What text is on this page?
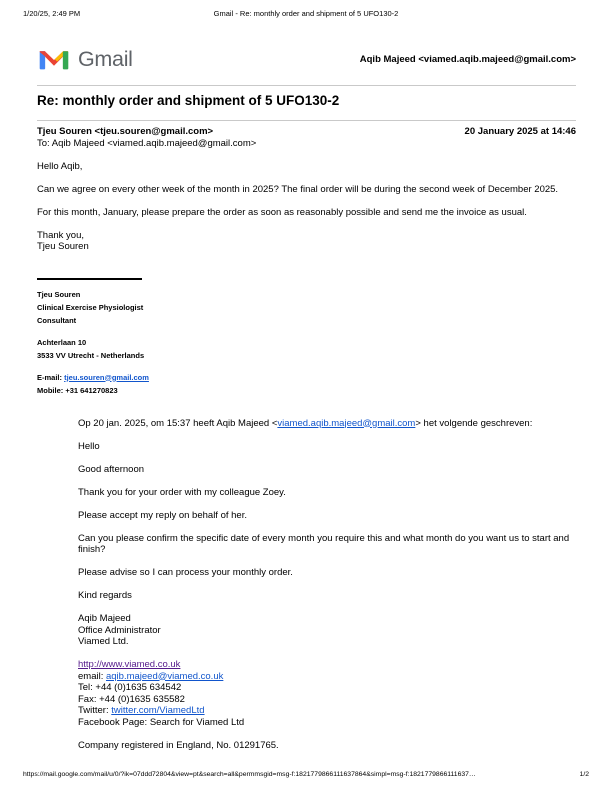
1/20/25, 2:49 PM	Gmail - Re: monthly order and shipment of 5 UFO130-2
Gmail	Aqib Majeed <viamed.aqib.majeed@gmail.com>
Re: monthly order and shipment of 5 UFO130-2
Tjeu Souren <tjeu.souren@gmail.com>	20 January 2025 at 14:46
To: Aqib Majeed <viamed.aqib.majeed@gmail.com>

Hello Aqib,

Can we agree on every other week of the month in 2025? The final order will be during the second week of December 2025.

For this month, January, please prepare the order as soon as reasonably possible and send me the invoice as usual.

Thank you,
Tjeu Souren

Tjeu Souren
Clinical Exercise Physiologist
Consultant
Achterlaan 10
3533 VV Utrecht - Netherlands
E-mail: tjeu.souren@gmail.com
Mobile: +31 641270823

Op 20 jan. 2025, om 15:37 heeft Aqib Majeed <viamed.aqib.majeed@gmail.com> het volgende geschreven:

Hello

Good afternoon

Thank you for your order with my colleague Zoey.

Please accept my reply on behalf of her.

Can you please confirm the specific date of every month you require this and what month do you want us to start and finish?

Please advise so I can process your monthly order.

Kind regards

Aqib Majeed
Office Administrator
Viamed Ltd.
http://www.viamed.co.uk
email: aqib.majeed@viamed.co.uk
Tel: +44 (0)1635 634542
Fax: +44 (0)1635 635582
Twitter: twitter.com/ViamedLtd
Facebook Page: Search for Viamed Ltd

Company registered in England, No. 01291765.

https://mail.google.com/mail/u/0/?ik=07ddd72804&view=pt&search=all&permmsgid=msg-f:1821779866111637864&simpl=msg-f:1821779866111637…	1/2
